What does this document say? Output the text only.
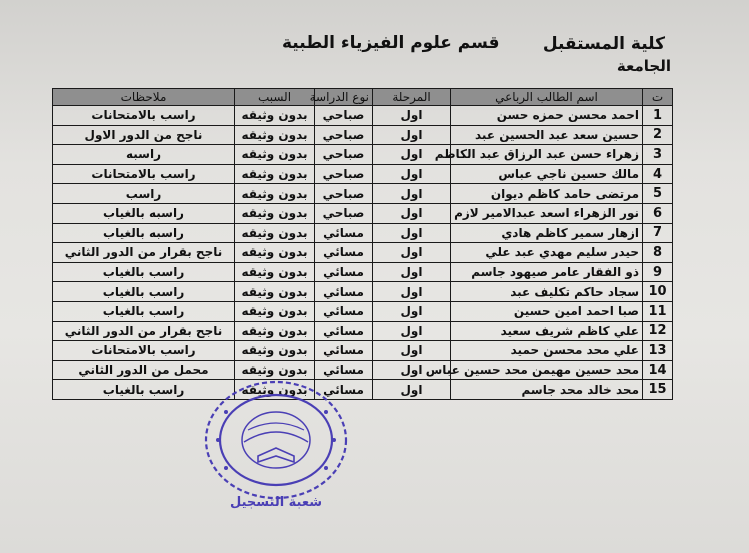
كلية المستقبل
الجامعة
قسم علوم الفيزياء الطبية
ت	اسم الطالب الرباعي	المرحلة	نوع الدراسة	السبب	ملاحظات
1	احمد محسن حمزه حسن	اول	صباحي	بدون وثيقه	راسب بالامتحانات
2	حسين سعد عبد الحسين عبد	اول	صباحي	بدون وثيقه	ناجح من الدور الاول
3	زهراء حسن عبد الرزاق عبد الكاظم	اول	صباحي	بدون وثيقه	راسبه
4	مالك حسين ناجي عباس	اول	صباحي	بدون وثيقه	راسب بالامتحانات
5	مرتضى حامد كاظم ديوان	اول	صباحي	بدون وثيقه	راسب
6	نور الزهراء اسعد عبدالامير لازم	اول	صباحي	بدون وثيقه	راسبه بالغياب
7	ازهار سمير كاظم هادي	اول	مسائي	بدون وثيقه	راسبه بالغياب
8	حيدر سليم مهدي عبد علي	اول	مسائي	بدون وثيقه	ناجح بقرار من الدور الثاني
9	ذو الفقار عامر صيهود جاسم	اول	مسائي	بدون وثيقه	راسب بالغياب
10	سجاد حاكم تكليف عبد	اول	مسائي	بدون وثيقه	راسب بالغياب
11	صبا احمد امين حسين	اول	مسائي	بدون وثيقه	راسب بالغياب
12	علي كاظم شريف سعيد	اول	مسائي	بدون وثيقه	ناجح بقرار من الدور الثاني
13	علي محد محسن حميد	اول	مسائي	بدون وثيقه	راسب بالامتحانات
14	محد حسين مهيمن محد حسين عباس	اول	مسائي	بدون وثيقه	محمل من الدور الثاني
15	محد خالد محد جاسم	اول	مسائي	بدون وثيقه	راسب بالغياب
شعبة التسجيل
